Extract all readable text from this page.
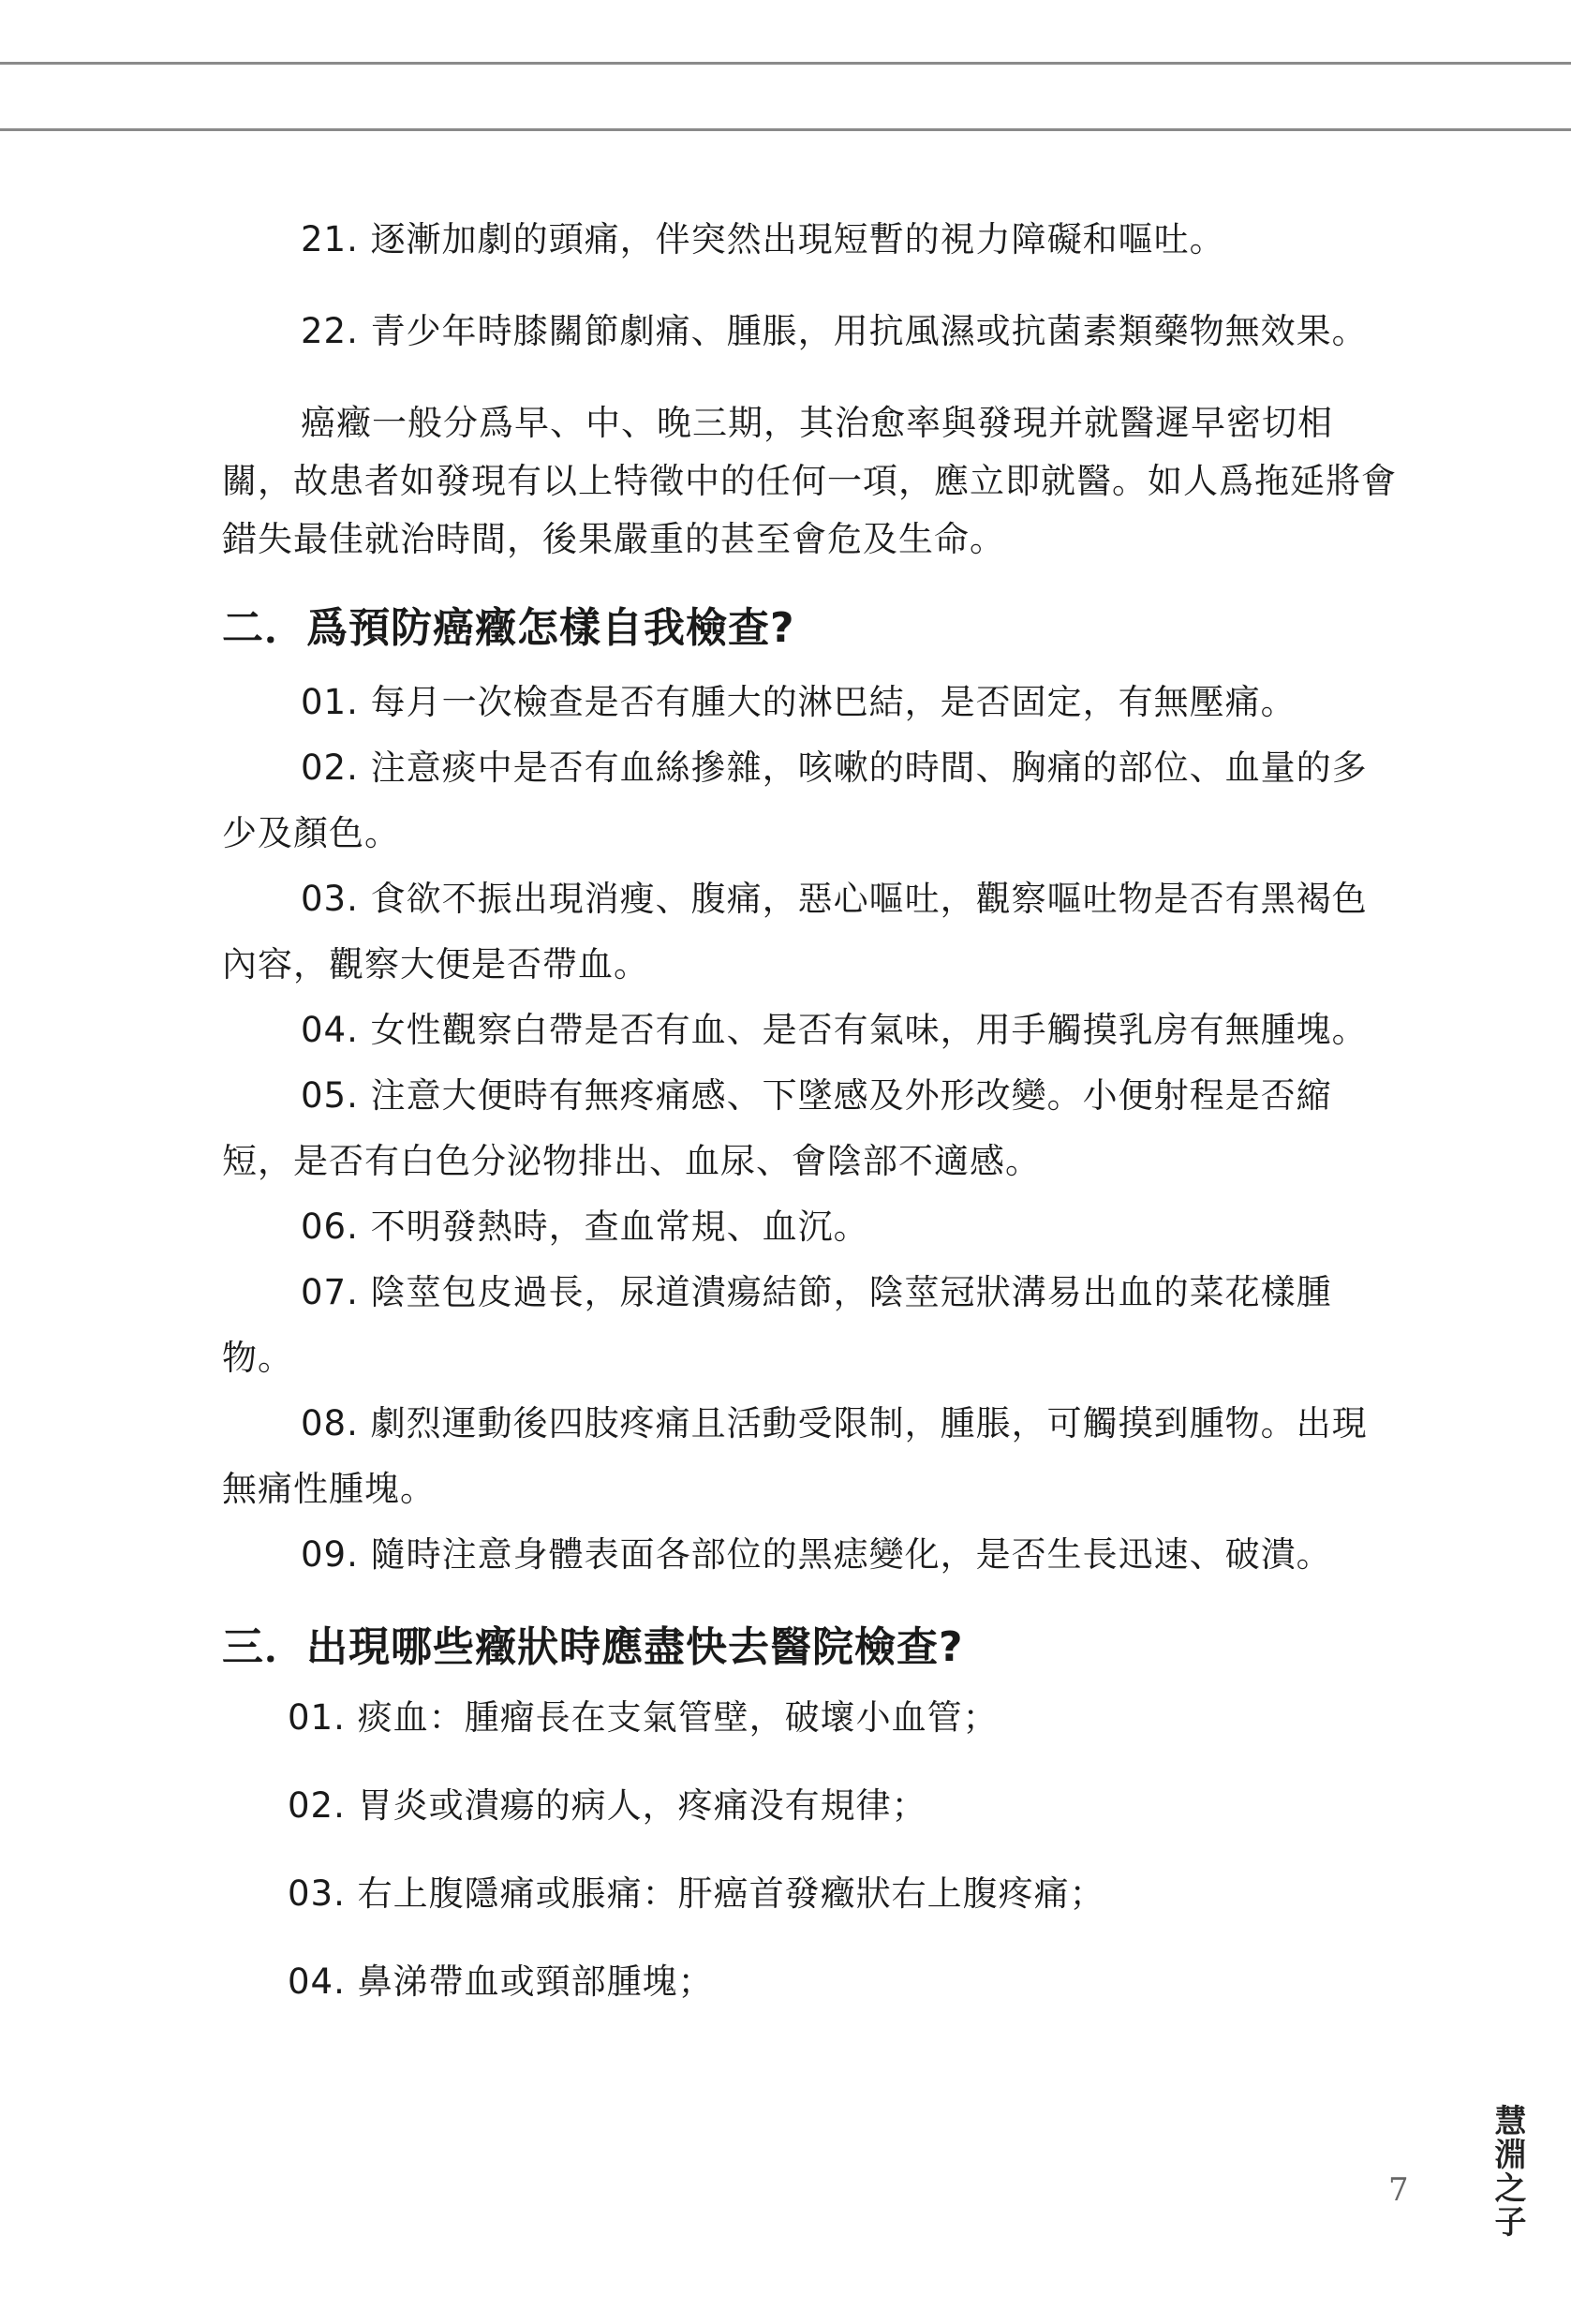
21. 逐漸加劇的頭痛，伴突然出現短暫的視力障礙和嘔吐。

22. 青少年時膝關節劇痛、腫脹，用抗風濕或抗菌素類藥物無效果。

癌癥一般分爲早、中、晚三期，其治愈率與發現并就醫遲早密切相關，故患者如發現有以上特徵中的任何一項，應立即就醫。如人爲拖延將會錯失最佳就治時間，後果嚴重的甚至會危及生命。

二．爲預防癌癥怎樣自我檢查?

01. 每月一次檢查是否有腫大的淋巴結，是否固定，有無壓痛。

02. 注意痰中是否有血絲摻雜，咳嗽的時間、胸痛的部位、血量的多少及顏色。

03. 食欲不振出現消瘦、腹痛，惡心嘔吐，觀察嘔吐物是否有黑褐色內容，觀察大便是否帶血。

04. 女性觀察白帶是否有血、是否有氣味，用手觸摸乳房有無腫塊。

05. 注意大便時有無疼痛感、下墜感及外形改變。小便射程是否縮短，是否有白色分泌物排出、血尿、會陰部不適感。

06. 不明發熱時，查血常規、血沉。

07. 陰莖包皮過長，尿道潰瘍結節，陰莖冠狀溝易出血的菜花樣腫物。

08. 劇烈運動後四肢疼痛且活動受限制，腫脹，可觸摸到腫物。出現無痛性腫塊。

09. 隨時注意身體表面各部位的黑痣變化，是否生長迅速、破潰。

三．出現哪些癥狀時應盡快去醫院檢查?

01. 痰血：腫瘤長在支氣管壁，破壞小血管；

02. 胃炎或潰瘍的病人，疼痛没有規律；

03. 右上腹隱痛或脹痛：肝癌首發癥狀右上腹疼痛；

04. 鼻涕帶血或頸部腫塊；

7	慧淵之子
